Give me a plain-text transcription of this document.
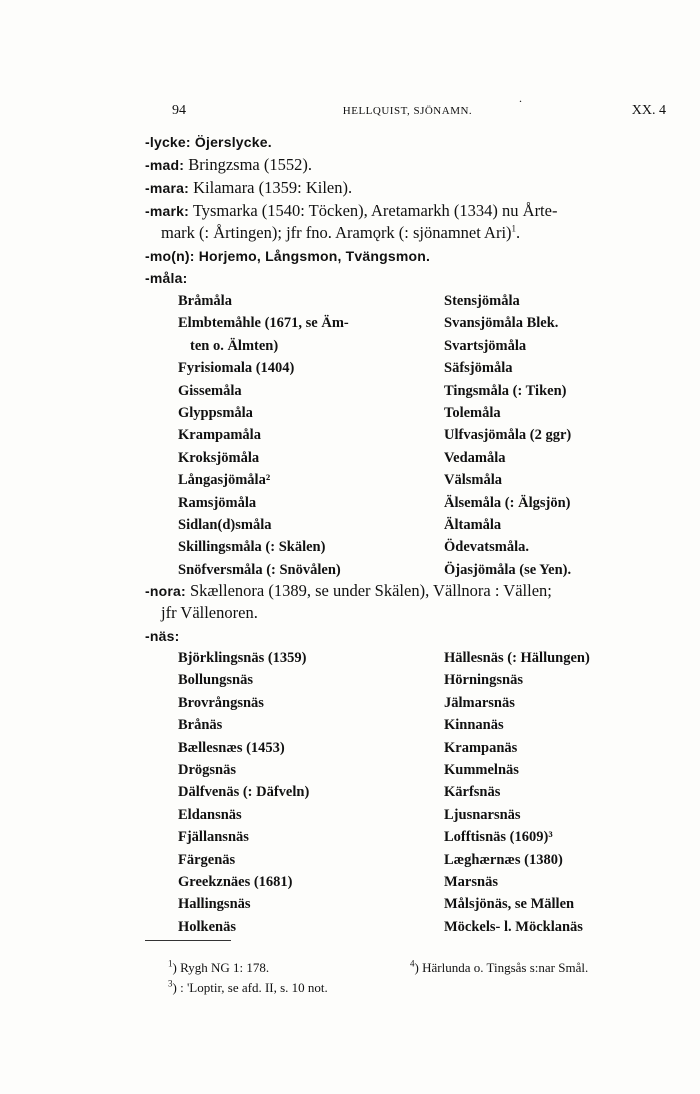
94
.
HELLQUIST, SJÖNAMN.	XX. 4
-lycke: Öjerslycke.
-mad: Bringzsma (1552).
-mara: Kilamara (1359: Kilen).
-mark: Tysmarka (1540: Töcken), Aretamarkh (1334) nu Årte-
mark (: Årtingen); jfr fno. Aramǫrk (: sjönamnet Ari)$^1$.
-mo(n): Horjemo, Långsmon, Tvängsmon.
-måla:
Bråmåla
Elmbtemåhle (1671, se Äm-
ten o. Älmten)
Fyrisiomala (1404)
Gissemåla
Glyppsmåla
Krampamåla
Kroksjömåla
Långasjömåla²
Ramsjömåla
Sidlan(d)småla
Skillingsmåla (: Skälen)
Snöfversmåla (: Snövålen)
Stensjömåla
Svansjömåla Blek.
Svartsjömåla
Säfsjömåla
Tingsmåla (: Tiken)
Tolemåla
Ulfvasjömåla (2 ggr)
Vedamåla
Välsmåla
Älsemåla (: Älgsjön)
Ältamåla
Ödevatsmåla.
Öjasjömåla (se Yen).
-nora: Skællenora (1389, se under Skälen), Vällnora : Vällen;
jfr Vällenoren.
-näs:
Björklingsnäs (1359)
Bollungsnäs
Brovrångsnäs
Brånäs
Bællesnæs (1453)
Drögsnäs
Dälfvenäs (: Däfveln)
Eldansnäs
Fjällansnäs
Färgenäs
Greekznäes (1681)
Hallingsnäs
Holkenäs
Hällesnäs (: Hällungen)
Hörningsnäs
Jälmarsnäs
Kinnanäs
Krampanäs
Kummelnäs
Kärfsnäs
Ljusnarsnäs
Lofftisnäs (1609)³
Læghærnæs (1380)
Marsnäs
Målsjönäs, se Mällen
Möckels- l. Möcklanäs
$^1$) Rygh NG 1: 178.	$^4$) Härlunda o. Tingsås s:nar Smål.
$^3$) : 'Loptir, se afd. II, s. 10 not.
